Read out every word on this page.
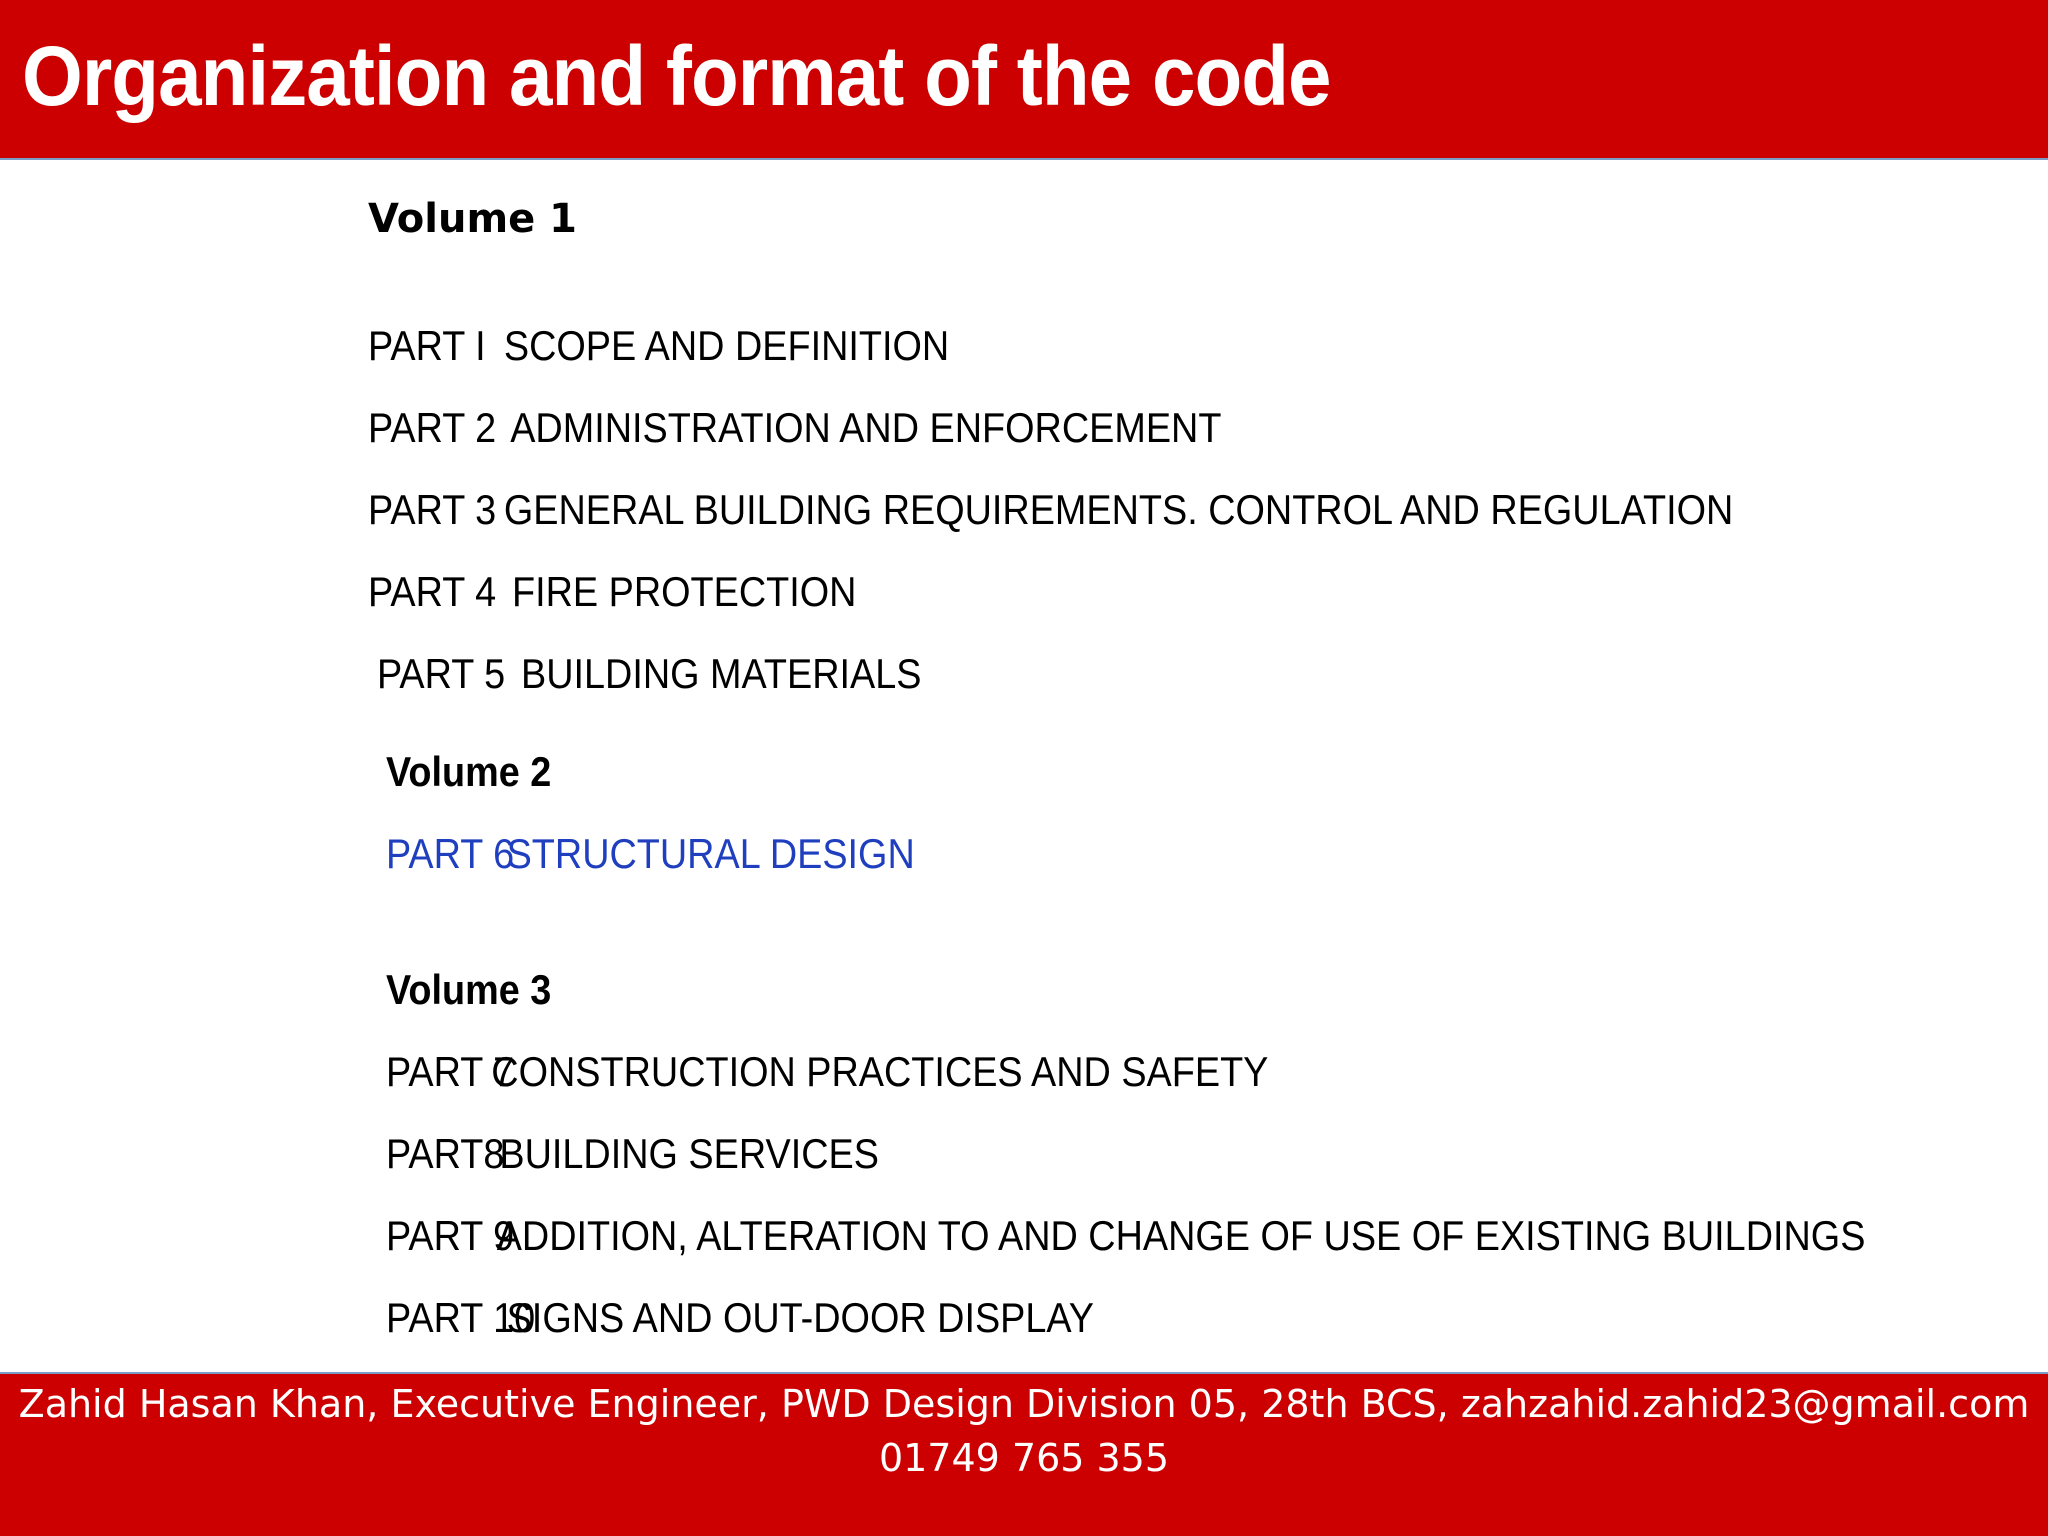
Organization and format of the code
Volume 1
PART I SCOPE AND DEFINITION
PART 2 ADMINISTRATION AND ENFORCEMENT
PART 3 GENERAL BUILDING REQUIREMENTS. CONTROL AND REGULATION
PART 4 FIRE PROTECTION
PART 5 BUILDING MATERIALS
Volume 2
PART 6
STRUCTURAL DESIGN
Volume 3
PART 7
CONSTRUCTION PRACTICES AND SAFETY
PART8
BUILDING SERVICES
PART 9
ADDITION, ALTERATION TO AND CHANGE OF USE OF EXISTING BUILDINGS
PART 10
SIGNS AND OUT-DOOR DISPLAY
Zahid Hasan Khan, Executive Engineer, PWD Design Division 05, 28th BCS, zahzahid.zahid23@gmail.com
01749 765 355
